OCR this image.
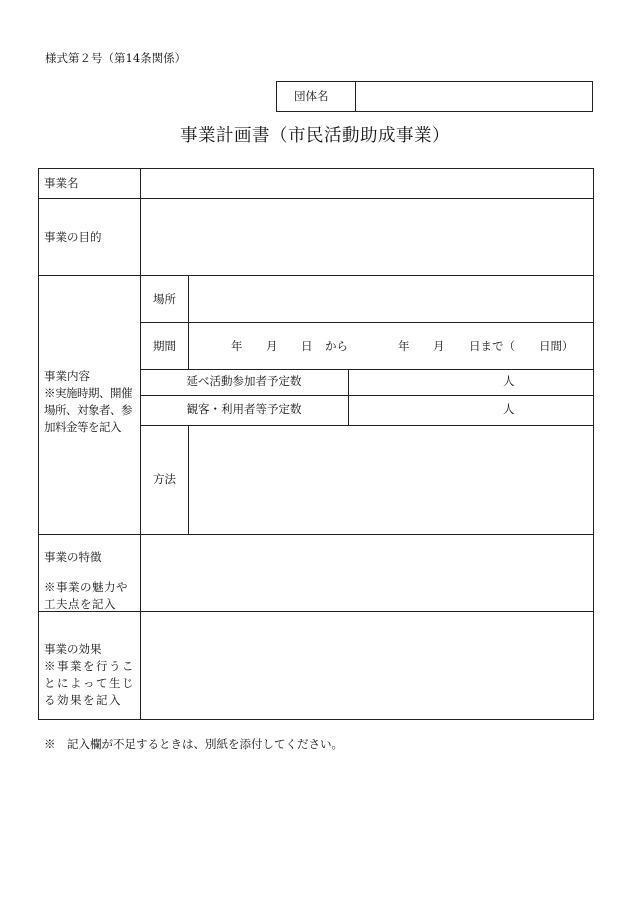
様式第２号（第14条関係）
団体名
事業計画書（市民活動助成事業）
事業名
事業の目的
事業内容
※実施時期、開催場所、対象者、参加料金等を記入
場所
期間	年 月 日 から	年 月 日まで（ 日間）
延べ活動参加者予定数	人
観客・利用者等予定数	人
方法
事業の特徴
※事業の魅力や工夫点を記入
事業の効果
※事業を行うことによって生じる効果を記入
※　記入欄が不足するときは、別紙を添付してください。
